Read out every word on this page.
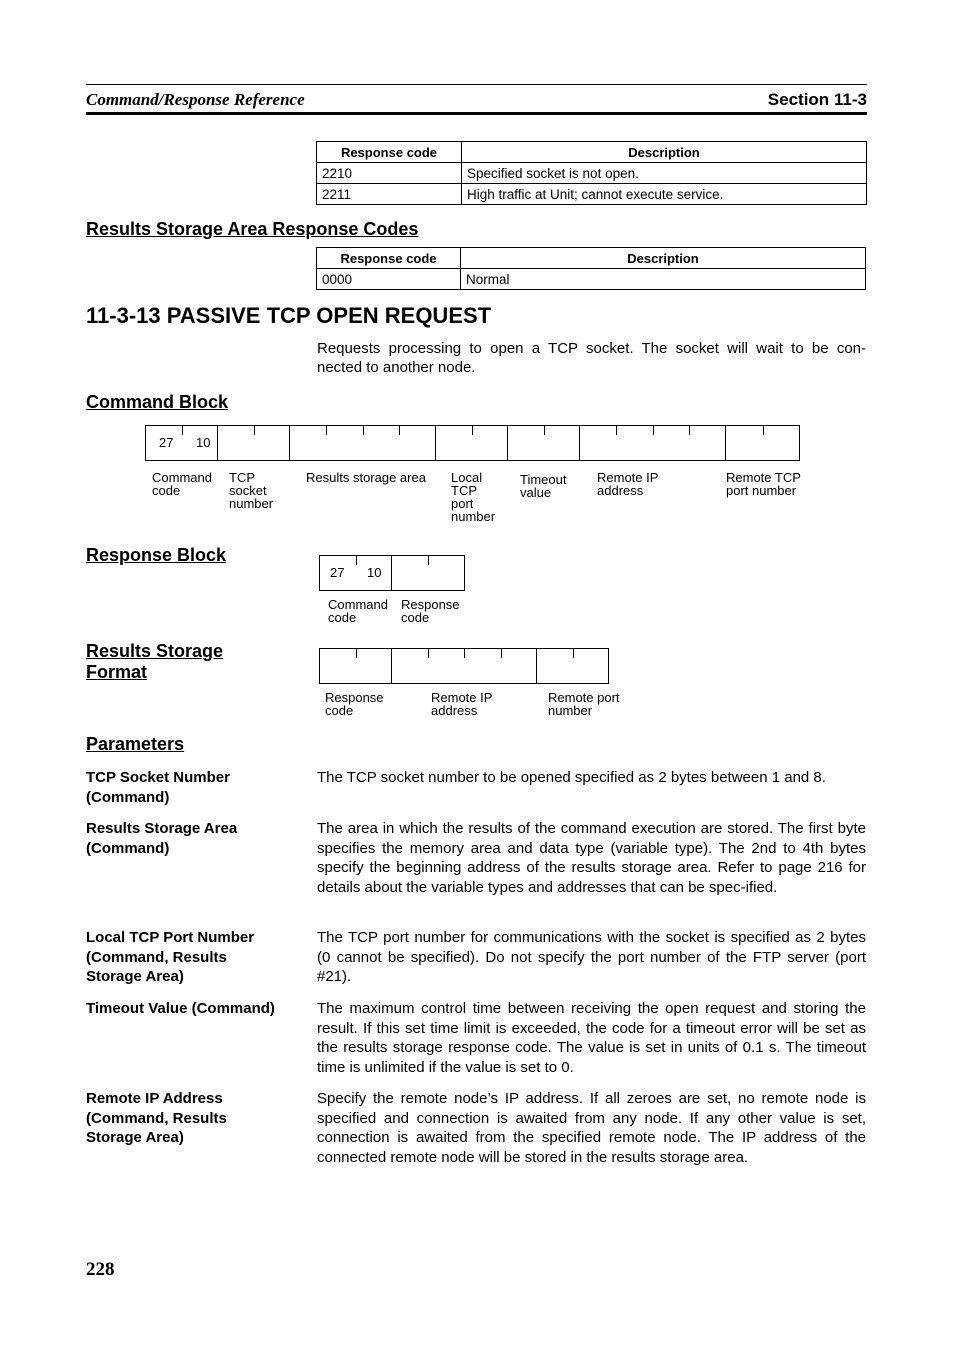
Command/Response Reference	Section 11-3
Response code	Description
2210	Specified socket is not open.
2211	High traffic at Unit; cannot execute service.
Results Storage Area Response Codes
Response code	Description
0000	Normal
11-3-13 PASSIVE TCP OPEN REQUEST
Requests processing to open a TCP socket. The socket will wait to be con-
nected to another node.
Command Block
27 10
Command
code
TCP
socket
number
Results storage area Local
TCP
port
number
Timeout
value
Remote IP
address
Remote TCP
port number
Response Block
27 10
Command
code
Response
code
Results Storage
Format
Response
code
Remote IP
address
Remote port
number
Parameters
TCP Socket Number
(Command)
The TCP socket number to be opened specified as 2 bytes between 1 and 8.
Results Storage Area
(Command)
The area in which the results of the command execution are stored. The first byte specifies the memory area and data type (variable type). The 2nd to 4th bytes specify the beginning address of the results storage area. Refer to page 216 for details about the variable types and addresses that can be spec-ified.
Local TCP Port Number
(Command, Results
Storage Area)
The TCP port number for communications with the socket is specified as 2 bytes (0 cannot be specified). Do not specify the port number of the FTP server (port #21).
Timeout Value (Command)	The maximum control time between receiving the open request and storing the result. If this set time limit is exceeded, the code for a timeout error will be set as the results storage response code. The value is set in units of 0.1 s. The timeout time is unlimited if the value is set to 0.
Remote IP Address
(Command, Results
Storage Area)
Specify the remote node’s IP address. If all zeroes are set, no remote node is specified and connection is awaited from any node. If any other value is set, connection is awaited from the specified remote node. The IP address of the connected remote node will be stored in the results storage area.
228
